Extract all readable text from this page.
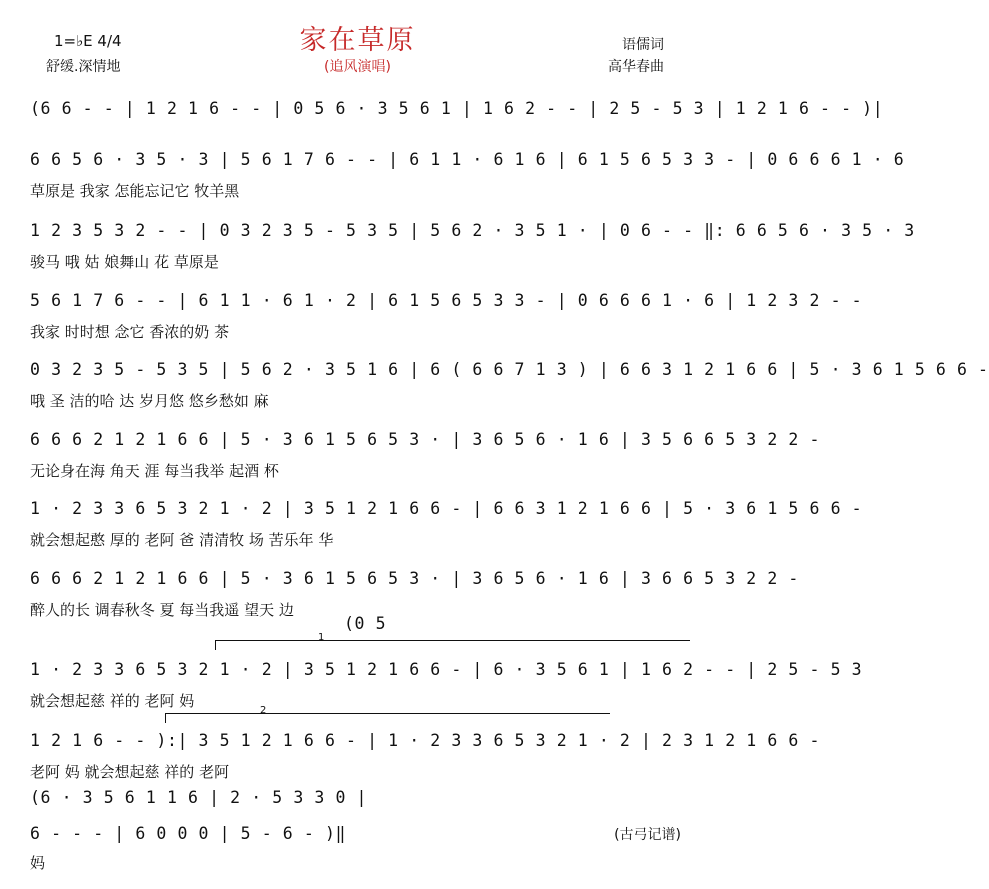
家在草原
(追风演唱)
1=♭E 4/4
舒缓.深情地
语儒词
高华春曲
(6 6 - - | 1 2 1 6 - - | 0 5 6 · 3 5 6 1 | 1 6 2 - - | 2 5 - 5 3 | 1 2 1 6 - - )|
6 6 5 6 · 3 5 · 3 | 5 6 1 7 6 - - | 6 1 1 · 6 1 6 | 6 1 5 6 5 3 3 - | 0 6 6 6 1 · 6
草原是 我家 怎能忘记它 牧羊黑
1 2 3 5 3 2 - - | 0 3 2 3 5 - 5 3 5 | 5 6 2 · 3 5 1 · | 0 6 - - ‖: 6 6 5 6 · 3 5 · 3
骏马 哦 姑 娘舞山 花 草原是
5 6 1 7 6 - - | 6 1 1 · 6 1 · 2 | 6 1 5 6 5 3 3 - | 0 6 6 6 1 · 6 | 1 2 3 2 - -
我家 时时想 念它 香浓的奶 茶
0 3 2 3 5 - 5 3 5 | 5 6 2 · 3 5 1 6 | 6 ( 6 6 7 1 3 ) | 6 6 3 1 2 1 6 6 | 5 · 3 6 1 5 6 6 -
哦 圣 洁的哈 达 岁月悠 悠乡愁如 麻
6 6 6 2 1 2 1 6 6 | 5 · 3 6 1 5 6 5 3 · | 3 6 5 6 · 1 6 | 3 5 6 6 5 3 2 2 -
无论身在海 角天 涯 每当我举 起酒 杯
1 · 2 3 3 6 5 3 2 1 · 2 | 3 5 1 2 1 6 6 - | 6 6 3 1 2 1 6 6 | 5 · 3 6 1 5 6 6 -
就会想起憨 厚的 老阿 爸 清清牧 场 苦乐年 华
6 6 6 2 1 2 1 6 6 | 5 · 3 6 1 5 6 5 3 · | 3 6 5 6 · 1 6 | 3 6 6 5 3 2 2 -
醉人的长 调春秋冬 夏 每当我遥 望天 边
1
(0 5
1 · 2 3 3 6 5 3 2 1 · 2 | 3 5 1 2 1 6 6 - | 6 · 3 5 6 1 | 1 6 2 - - | 2 5 - 5 3
就会想起慈 祥的 老阿 妈
2
1 2 1 6 - - ):| 3 5 1 2 1 6 6 - | 1 · 2 3 3 6 5 3 2 1 · 2 | 2 3 1 2 1 6 6 -
老阿 妈 就会想起慈 祥的 老阿
(6 · 3 5 6 1 1 6 | 2 · 5 3 3 0 |
6 - - - | 6 0 0 0 | 5 - 6 - )‖
妈
(古弓记谱)
